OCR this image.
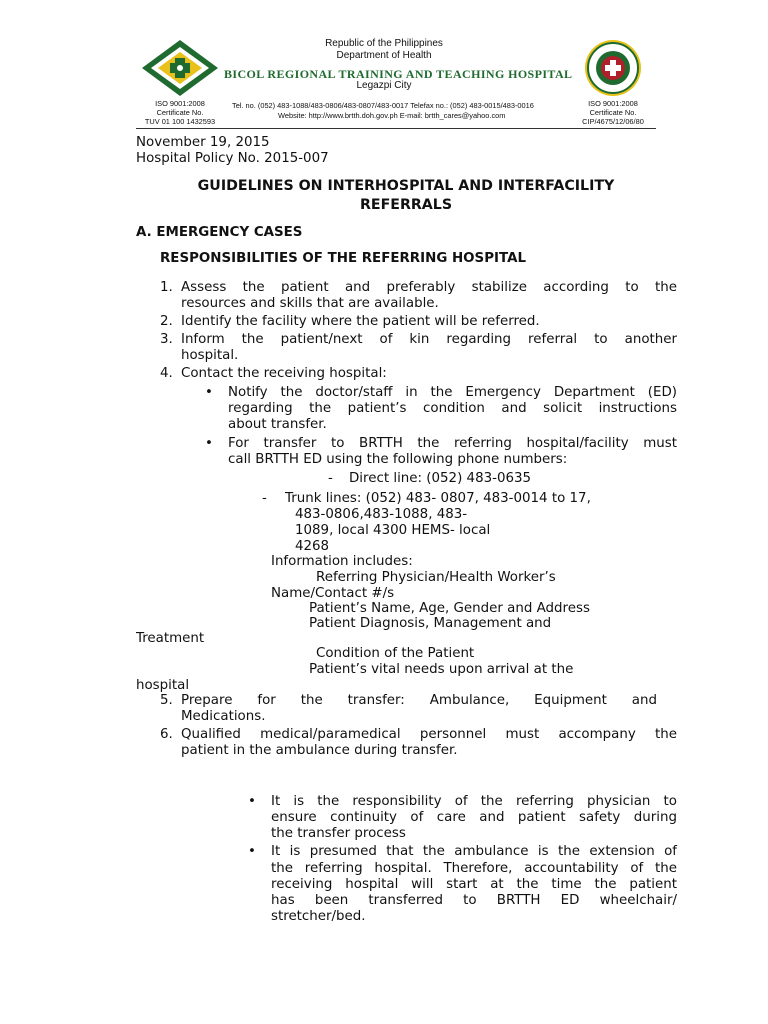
ISO 9001:2008
Certificate No.
TUV 01 100 1432593
Republic of the Philippines
Department of Health
BICOL REGIONAL TRAINING AND TEACHING HOSPITAL
Legazpi City
Tel. no. (052) 483-1088/483-0806/483-0807/483-0017 Telefax no.: (052) 483-0015/483-0016
Website: http://www.brtth.doh.gov.ph E-mail: brtth_cares@yahoo.com
ISO 9001:2008
Certificate No.
CIP/4675/12/06/80
November 19, 2015
Hospital Policy No. 2015-007
GUIDELINES ON INTERHOSPITAL AND INTERFACILITY
REFERRALS
A. EMERGENCY CASES
RESPONSIBILITIES OF THE REFERRING HOSPITAL
1. Assess the patient and preferably stabilize according to the
resources and skills that are available.
2. Identify the facility where the patient will be referred.
3. Inform the patient/next of kin regarding referral to another
hospital.
4. Contact the receiving hospital:
• Notify the doctor/staff in the Emergency Department (ED)
regarding the patient’s condition and solicit instructions
about transfer.
• For transfer to BRTTH the referring hospital/facility must
call BRTTH ED using the following phone numbers:
- Direct line: (052) 483-0635
- Trunk lines: (052) 483- 0807, 483-0014 to 17,
483-0806,483-1088, 483-
1089, local 4300 HEMS- local
4268
Information includes:
Referring Physician/Health Worker’s
Name/Contact #/s
Patient’s Name, Age, Gender and Address
Patient Diagnosis, Management and
Treatment
Condition of the Patient
Patient’s vital needs upon arrival at the
hospital
5. Prepare for the transfer: Ambulance, Equipment and
Medications.
6. Qualified medical/paramedical personnel must accompany the
patient in the ambulance during transfer.
• It is the responsibility of the referring physician to
ensure continuity of care and patient safety during
the transfer process
• It is presumed that the ambulance is the extension of
the referring hospital. Therefore, accountability of the
receiving hospital will start at the time the patient
has been transferred to BRTTH ED wheelchair/
stretcher/bed.
